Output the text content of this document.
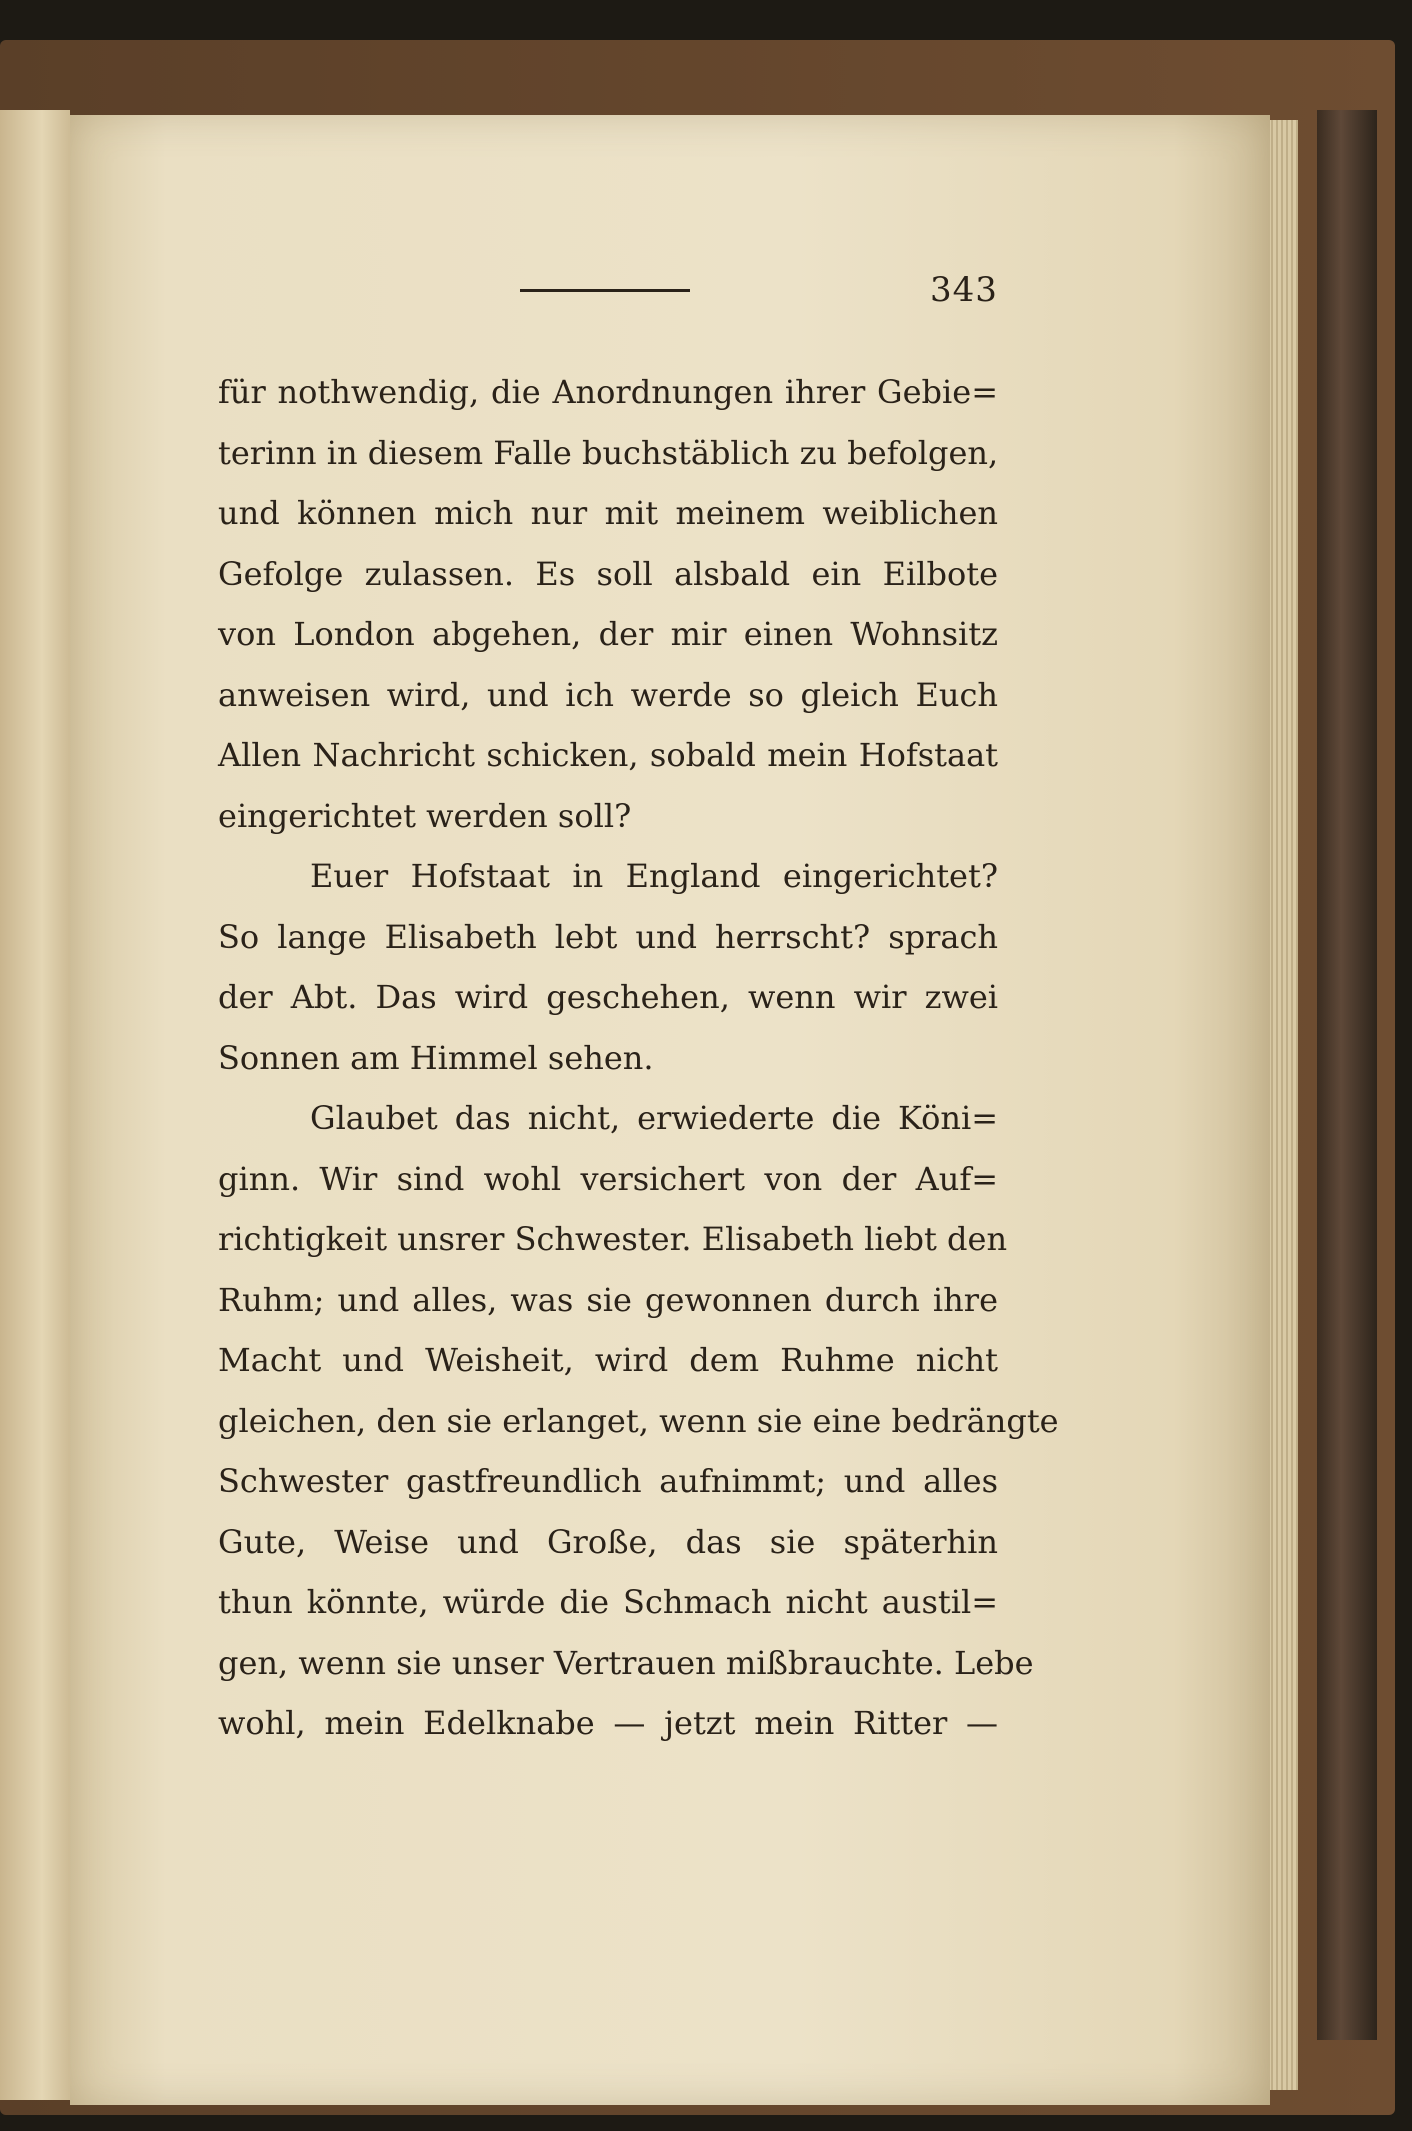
343
für nothwendig, die Anordnungen ihrer Gebie=
terinn in diesem Falle buchstäblich zu befolgen,
und können mich nur mit meinem weiblichen
Gefolge zulassen. Es soll alsbald ein Eilbote
von London abgehen, der mir einen Wohnsitz
anweisen wird, und ich werde so gleich Euch
Allen Nachricht schicken, sobald mein Hofstaat
eingerichtet werden soll?
Euer Hofstaat in England eingerichtet?
So lange Elisabeth lebt und herrscht? sprach
der Abt. Das wird geschehen, wenn wir zwei
Sonnen am Himmel sehen.
Glaubet das nicht, erwiederte die Köni=
ginn. Wir sind wohl versichert von der Auf=
richtigkeit unsrer Schwester. Elisabeth liebt den
Ruhm; und alles, was sie gewonnen durch ihre
Macht und Weisheit, wird dem Ruhme nicht
gleichen, den sie erlanget, wenn sie eine bedrängte
Schwester gastfreundlich aufnimmt; und alles
Gute, Weise und Große, das sie späterhin
thun könnte, würde die Schmach nicht austil=
gen, wenn sie unser Vertrauen mißbrauchte. Lebe
wohl, mein Edelknabe — jetzt mein Ritter —
